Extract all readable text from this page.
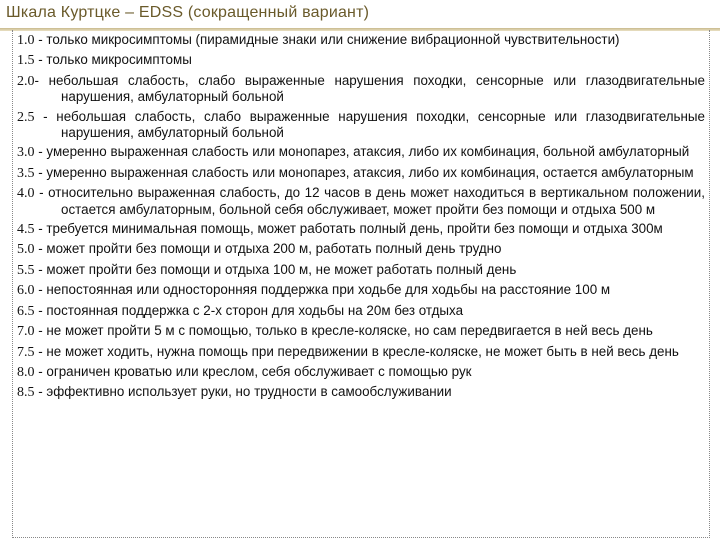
Шкала Куртцке – EDSS (сокращенный вариант)

1.0 - только микросимптомы (пирамидные знаки или снижение вибрационной чувствительности)

1.5 - только микросимптомы

2.0- небольшая слабость, слабо выраженные нарушения походки, сенсорные или глазодвигательные нарушения, амбулаторный больной

2.5 - небольшая слабость, слабо выраженные нарушения походки, сенсорные или глазодвигательные нарушения, амбулаторный больной

3.0 - умеренно выраженная слабость или монопарез, атаксия, либо их комбинация, больной амбулаторный

3.5 - умеренно выраженная слабость или монопарез, атаксия, либо их комбинация, остается амбулаторным

4.0 - относительно выраженная слабость, до 12 часов в день может находиться в вертикальном положении, остается амбулаторным, больной себя обслуживает, может пройти без помощи и отдыха 500 м

4.5 - требуется минимальная помощь, может работать полный день, пройти без помощи и отдыха 300м

5.0 - может пройти без помощи и отдыха 200 м, работать полный день трудно

5.5 - может пройти без помощи и отдыха 100 м, не может работать полный день

6.0 - непостоянная или односторонняя поддержка при ходьбе для ходьбы на расстояние 100 м

6.5 - постоянная поддержка с 2-х сторон для ходьбы на 20м без отдыха

7.0 - не может пройти 5 м с помощью, только в кресле-коляске, но сам передвигается в ней весь день

7.5 - не может ходить, нужна помощь при передвижении в кресле-коляске, не может быть в ней весь день

8.0 - ограничен кроватью или креслом, себя обслуживает с помощью рук

8.5 - эффективно использует руки, но трудности в самообслуживании
